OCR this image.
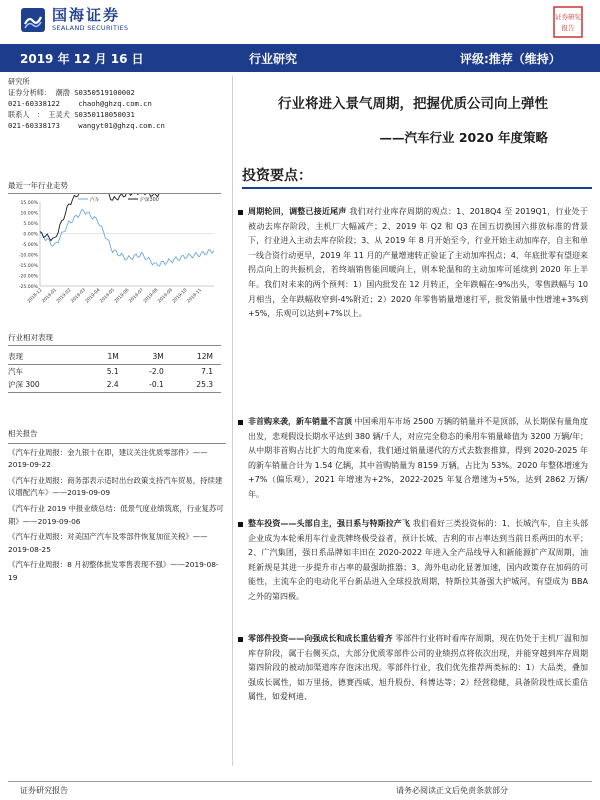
国海证券
SEALAND SECURITIES
证券研究
报告
2019 年 12 月 16 日	行业研究	评级:推荐（维持）
研究所
证券分析师： 潮渤 S0350519100002
021-60338122	chaoh@ghzq.com.cn
联系人　： 王灵犬 S0350118050031
021-60338173	wangyt01@ghzq.com.cn
最近一年行业走势
15.00%
10.00%
5.00%
0.00%
-5.00%
-10.00%
-15.00%
-20.00%
-25.00%
2018-12
2019-01
2019-02
2019-03
2019-04
2019-05
2019-06
2019-07
2019-08
2019-09
2019-10
2019-11
汽车	沪深300
行业相对表现
表现	1M	3M	12M
汽车	5.1	-2.0	7.1
沪深 300	2.4	-0.1	25.3
相关报告
《汽车行业周报：金九银十在即，建议关注优质零部件》——2019-09-22
《汽车行业周报：商务部表示适时出台政策支持汽车贸易，持续建议增配汽车》——2019-09-09
《汽车行业 2019 中报业绩总结：低景气度业绩筑底，行业复苏可期》——2019-09-06
《汽车行业周报：对美国产汽车及零部件恢复加征关税》——2019-08-25
《汽车行业周报：8 月初整体批发零售表现不强》——2019-08-19
行业将进入景气周期，把握优质公司向上弹性
——汽车行业 2020 年度策略
投资要点：
周期轮回，调整已接近尾声 我们对行业库存周期的观点：1、2018Q4 至 2019Q1，行业处于被动去库存阶段，主机厂大幅减产；2、2019 年 Q2 和 Q3 在国五切换国六排放标准的背景下，行业进入主动去库存阶段；3、从 2019 年 8 月开始至今，行业开始主动加库存，自主和单一线合资行动更早，2019 年 11 月的产量增速转正验证了主动加库拐点；4、年底批零有望迎来拐点向上的共振机会，若终端销售能回暖向上，则本轮温和的主动加库可延续到 2020 年上半年。我们对未来的两个预判：1）国内批发在 12 月转正，全年跌幅在-9%出头，零售跌幅与 10 月相当，全年跌幅收窄到-4%附近；2）2020 年零售销量增速打平，批发销量中性增速+3%到+5%，乐观可以达到+7%以上。
非首购来袭，新车销量不言顶 中国乘用车市场 2500 万辆的销量并不是顶部，从长期保有量角度出发，悲观假设长期水平达到 380 辆/千人，对应完全稳态的乘用车销量峰值为 3200 万辆/年；从中期非首购占比扩大的角度来看，我们通过销量递代的方式去数套推算，得到 2020-2025 年的新车销量合计为 1.54 亿辆，其中首购销量为 8159 万辆，占比为 53%。2020 年整体增速为+7%（偏乐观），2021 年增速为+2%，2022-2025 年复合增速为+5%，达到 2862 万辆/年。
整车投资——头部自主，强日系与特斯拉产飞 我们看好三类投资标的：1、长城汽车，自主头部企业成为本轮乘用车行业洗牌终极受益者，预计长城、吉利的市占率达到当前日系两田的水平；2、广汽集团，强日系品牌如丰田在 2020-2022 年进入全产品线导入和新能源扩产双周期，油耗新规是其进一步提升市占率的最强助推器；3、海外电动化显著加速，国内政策存在加码的可能性，主流车企的电动化平台新品进入全球投放周期，特斯拉其备强大护城河，有望成为 BBA 之外的第四极。
零部件投资——向强成长和成长重估看齐 零部件行业将时看库存周期，现在仍处于主机厂温和加库存阶段，属于右侧买点，大部分优质零部件公司的业绩拐点将依次出现，并能穿越到库存周期第四阶段的被动加渠道库存泡沫出现。零部件行业，我们优先推荐两类标的：1）大品类，叠加强成长属性，如万里扬，德赛西威、旭升股份、科博达等；2）经营稳健，具备阶段性成长重估属性，如爱柯迪、
证券研究报告	请务必阅读正文后免责条款部分
